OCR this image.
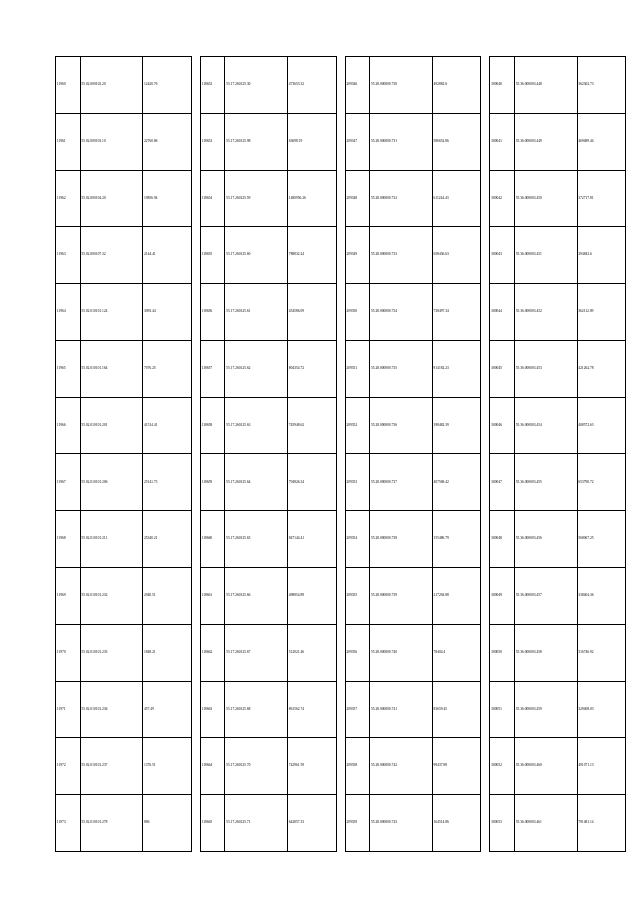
11960	55.02.000102.20	12420.76
11961	55.02.000103.10	22760.86
11962	55.02.000104.20	19856.94
11963	55.02.000107.32	2144.41
11964	55.02.010101.124	3093.44
11965	55.02.010101.164	7076.25
11966	55.02.010101.201	41514.41
11967	55.02.010101.206	25141.73
11968	55.02.010101.211	25340.21
11969	55.02.010101.232	2940.51
11970	55.02.010101.233	1848.21
11971	55.02.010101.236	457.49
11972	55.02.010101.237	1376.51
11973	55.02.010101.278	886
118652	55.17.260125.30	473653.32
118653	55.17.260125.98	63698.19
118654	55.17.260125.59	1480956.26
118655	55.17.260125.60	788832.24
118656	55.17.260125.61	454586.09
118657	55.17.260125.62	804354.72
118658	55.17.260125.63	745948.62
118659	55.17.260125.64	794826.34
118660	55.17.260125.65	847144.41
118661	55.17.260125.66	498854.89
118662	55.17.260125.67	512021.46
118663	55.17.260125.68	861562.74
118664	55.17.260125.70	742961.59
118665	55.17.260125.71	642857.33
209346	55.28.000000.730	492882.6
209347	55.28.000000.731	586652.86
209348	55.28.000000.732	611244.43
209349	55.28.000000.733	658436.63
209350	55.28.000000.734	738497.34
209351	55.28.000000.735	814182.23
209352	55.28.000000.736	198482.39
209353	55.28.000000.737	407568.42
209354	55.28.000000.738	155486.79
209355	55.28.000000.739	217294.88
209356	55.28.000000.740	78404.4
209357	55.28.000000.741	83659.45
209358	55.28.000000.742	99437.88
209359	55.28.000000.743	164514.86
300040	55.36.000003.448	362302.73
300041	55.36.000003.449	469489.44
300042	55.36.000003.450	372717.81
300043	55.36.000003.451	294843.6
300044	55.36.000003.452	362112.09
300045	55.36.000003.453	421262.78
300046	55.36.000003.454	408572.63
300047	55.36.000003.455	653790.72
300048	55.36.000003.456	568067.25
300049	55.36.000003.457	338404.36
300050	55.36.000003.458	316746.92
300051	55.36.000003.459	329408.03
300052	55.36.000003.460	491071.13
300053	55.36.000003.461	791481.14
